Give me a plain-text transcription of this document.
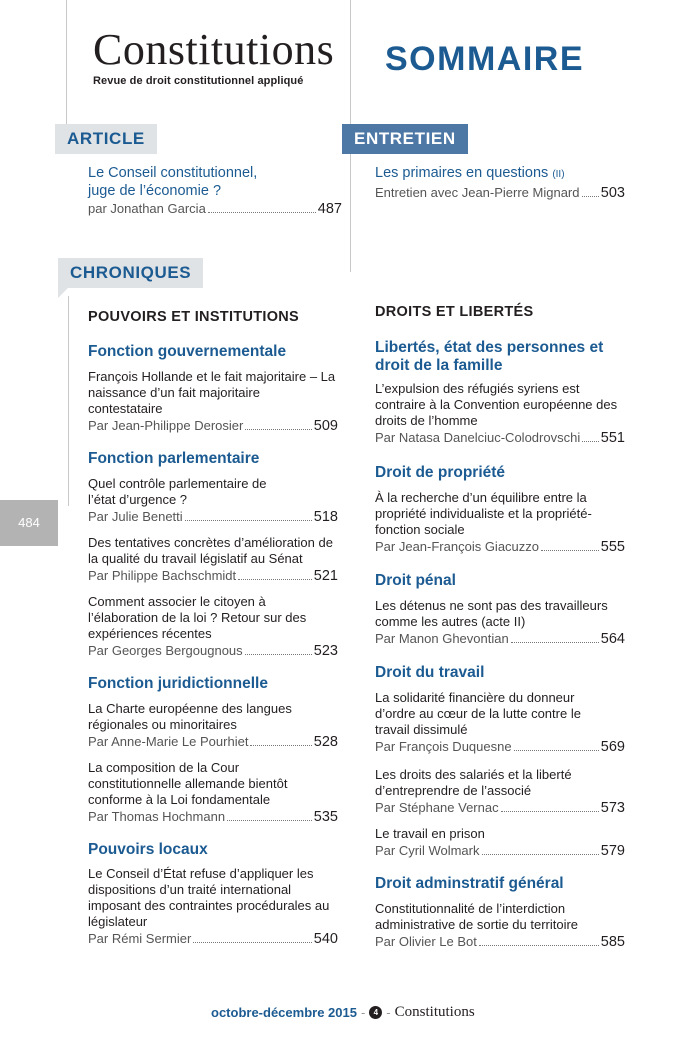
Constitutions
Revue de droit constitutionnel appliqué
SOMMAIRE
ARTICLE
Le Conseil constitutionnel, juge de l’économie ?
par Jonathan Garcia	487
ENTRETIEN
Les primaires en questions (II)
Entretien avec Jean-Pierre Mignard 503
CHRONIQUES
484
POUVOIRS ET INSTITUTIONS
Fonction gouvernementale
François Hollande et le fait majoritaire – La naissance d’un fait majoritaire contestataire
Par Jean-Philippe Derosier	509
Fonction parlementaire
Quel contrôle parlementaire de l’état d’urgence ?
Par Julie Benetti	518
Des tentatives concrètes d’amélioration de la qualité du travail législatif au Sénat
Par Philippe Bachschmidt	521
Comment associer le citoyen à l’élaboration de la loi ? Retour sur des expériences récentes
Par Georges Bergougnous	523
Fonction juridictionnelle
La Charte européenne des langues régionales ou minoritaires
Par Anne-Marie Le Pourhiet	528
La composition de la Cour constitutionnelle allemande bientôt conforme à la Loi fondamentale
Par Thomas Hochmann	535
Pouvoirs locaux
Le Conseil d’État refuse d’appliquer les dispositions d’un traité international imposant des contraintes procédurales au législateur
Par Rémi Sermier	540
DROITS ET LIBERTÉS
Libertés, état des personnes et droit de la famille
L’expulsion des réfugiés syriens est contraire à la Convention européenne des droits de l’homme
Par Natasa Danelciuc-Colodrovschi 551
Droit de propriété
À la recherche d’un équilibre entre la propriété individualiste et la propriété-fonction sociale
Par Jean-François Giacuzzo	555
Droit pénal
Les détenus ne sont pas des travailleurs comme les autres (acte II)
Par Manon Ghevontian	564
Droit du travail
La solidarité financière du donneur d’ordre au cœur de la lutte contre le travail dissimulé
Par François Duquesne	569
Les droits des salariés et la liberté d’entreprendre de l’associé
Par Stéphane Vernac	573
Le travail en prison
Par Cyril Wolmark	579
Droit adminstratif général
Constitutionnalité de l’interdiction administrative de sortie du territoire
Par Olivier Le Bot	585
octobre-décembre 2015 -	4 - Constitutions
